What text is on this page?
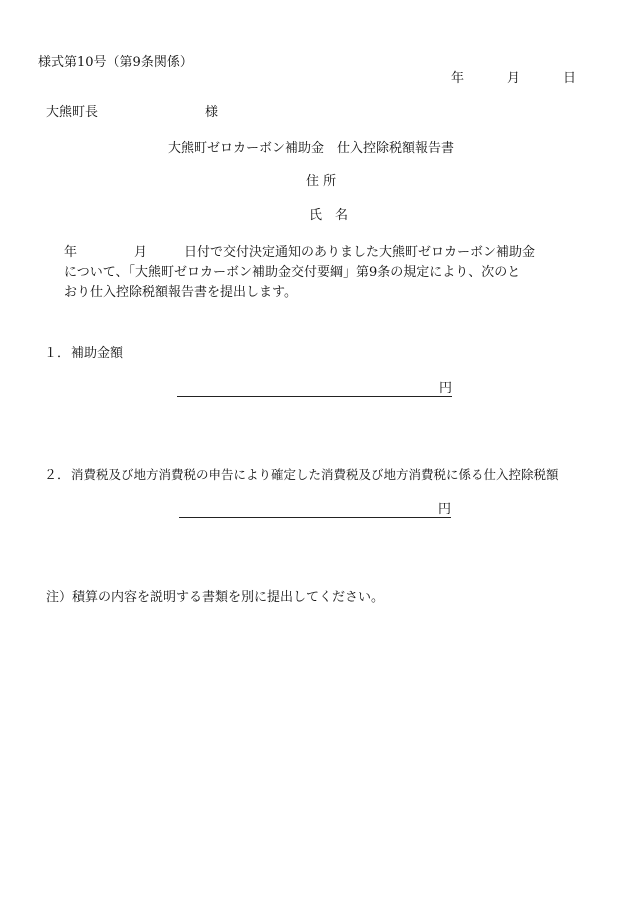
様式第10号（第9条関係）
年	月	日
大熊町長	様
大熊町ゼロカーボン補助金　仕入控除税額報告書
住 所
氏　名
年	月	日付で交付決定通知のありました大熊町ゼロカーボン補助金
について、「大熊町ゼロカーボン補助金交付要綱」第9条の規定により、次のと
おり仕入控除税額報告書を提出します。
１． 補助金額
円
２． 消費税及び地方消費税の申告により確定した消費税及び地方消費税に係る仕入控除税額
円
注）積算の内容を説明する書類を別に提出してください。
